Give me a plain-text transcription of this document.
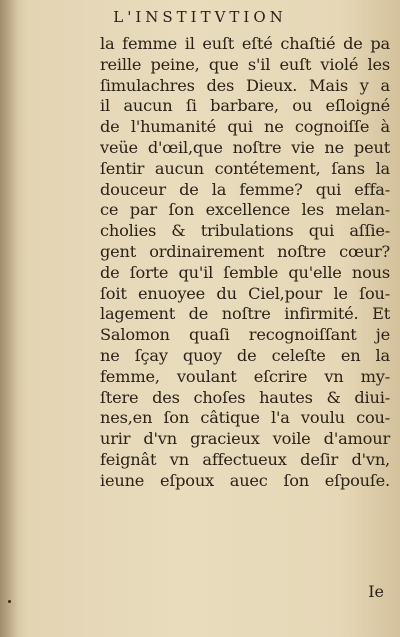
L'INSTITVTION
la femme il euſt eſté chaſtié de pa
reille peine, que s'il euſt violé les
ſimulachres des Dieux. Mais y a
il aucun ſi barbare, ou eſloigné
de l'humanité qui ne cognoiſſe à
veüe d'œil,que noſtre vie ne peut
ſentir aucun contétement, ſans la
douceur de la femme? qui effa-
ce par ſon excellence les melan-
cholies & tribulations qui aſſie-
gent ordinairement noſtre cœur?
de ſorte qu'il ſemble qu'elle nous
ſoit enuoyee du Ciel,pour le ſou-
lagement de noſtre infirmité. Et
Salomon quaſi recognoiſſant je
ne ſçay quoy de celeſte en la
femme, voulant eſcrire vn my-
ſtere des choſes hautes & diui-
nes,en ſon câtique l'a voulu cou-
urir d'vn gracieux voile d'amour
feignât vn affectueux deſir d'vn,
ieune eſpoux auec ſon eſpouſe.
Ie
